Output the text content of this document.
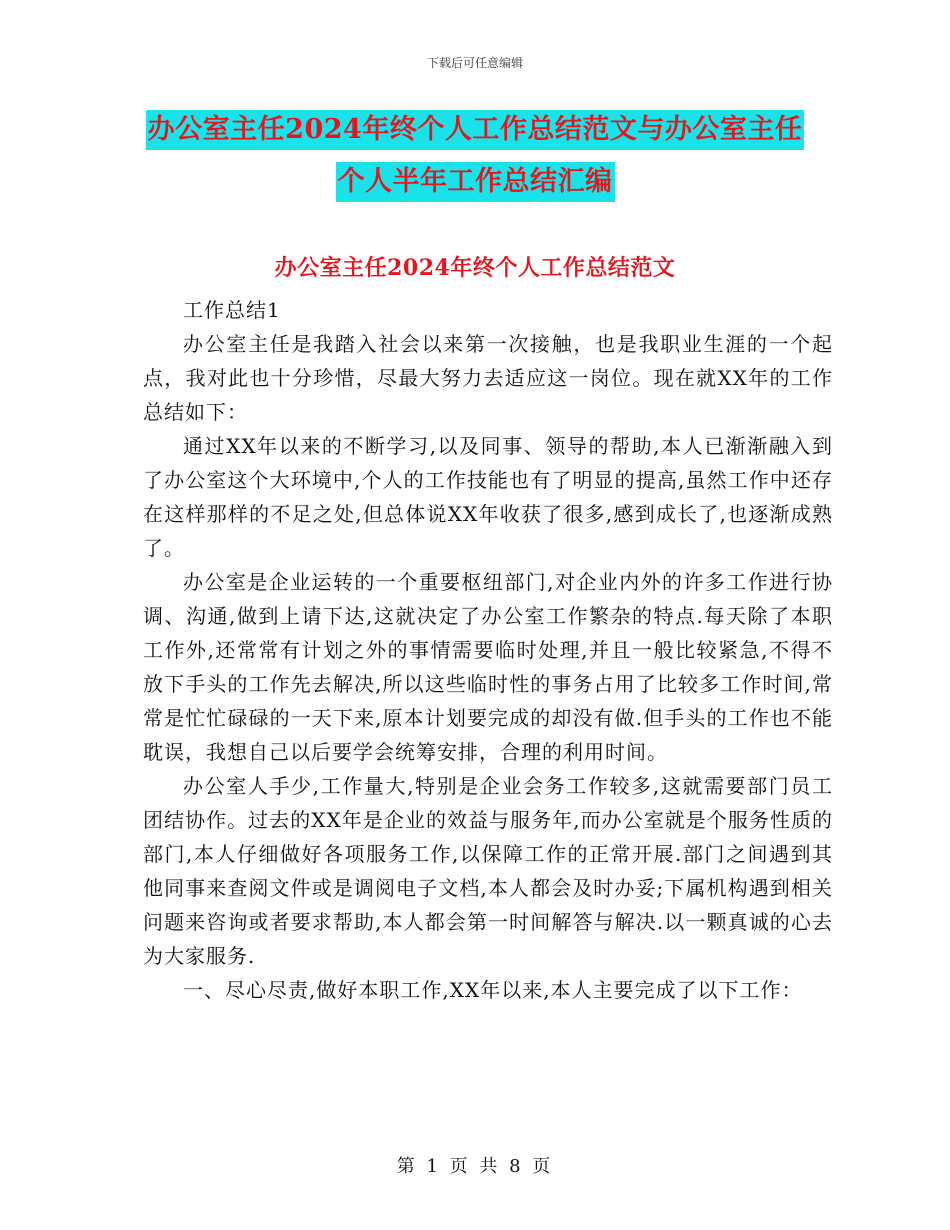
下载后可任意编辑
办公室主任2024年终个人工作总结范文与办公室主任
个人半年工作总结汇编
办公室主任2024年终个人工作总结范文

工作总结1

办公室主任是我踏入社会以来第一次接触，也是我职业生涯的一个起点，我对此也十分珍惜，尽最大努力去适应这一岗位。现在就XX年的工作总结如下：

通过XX年以来的不断学习,以及同事、领导的帮助,本人已渐渐融入到了办公室这个大环境中,个人的工作技能也有了明显的提高,虽然工作中还存在这样那样的不足之处,但总体说XX年收获了很多,感到成长了,也逐渐成熟了。

办公室是企业运转的一个重要枢纽部门,对企业内外的许多工作进行协调、沟通,做到上请下达,这就决定了办公室工作繁杂的特点.每天除了本职工作外,还常常有计划之外的事情需要临时处理,并且一般比较紧急,不得不放下手头的工作先去解决,所以这些临时性的事务占用了比较多工作时间,常常是忙忙碌碌的一天下来,原本计划要完成的却没有做.但手头的工作也不能耽误，我想自己以后要学会统筹安排，合理的利用时间。

办公室人手少,工作量大,特别是企业会务工作较多,这就需要部门员工团结协作。过去的XX年是企业的效益与服务年,而办公室就是个服务性质的部门,本人仔细做好各项服务工作,以保障工作的正常开展.部门之间遇到其他同事来查阅文件或是调阅电子文档,本人都会及时办妥;下属机构遇到相关问题来咨询或者要求帮助,本人都会第一时间解答与解决.以一颗真诚的心去为大家服务.

一、尽心尽责,做好本职工作,XX年以来,本人主要完成了以下工作：

第 1 页 共 8 页
